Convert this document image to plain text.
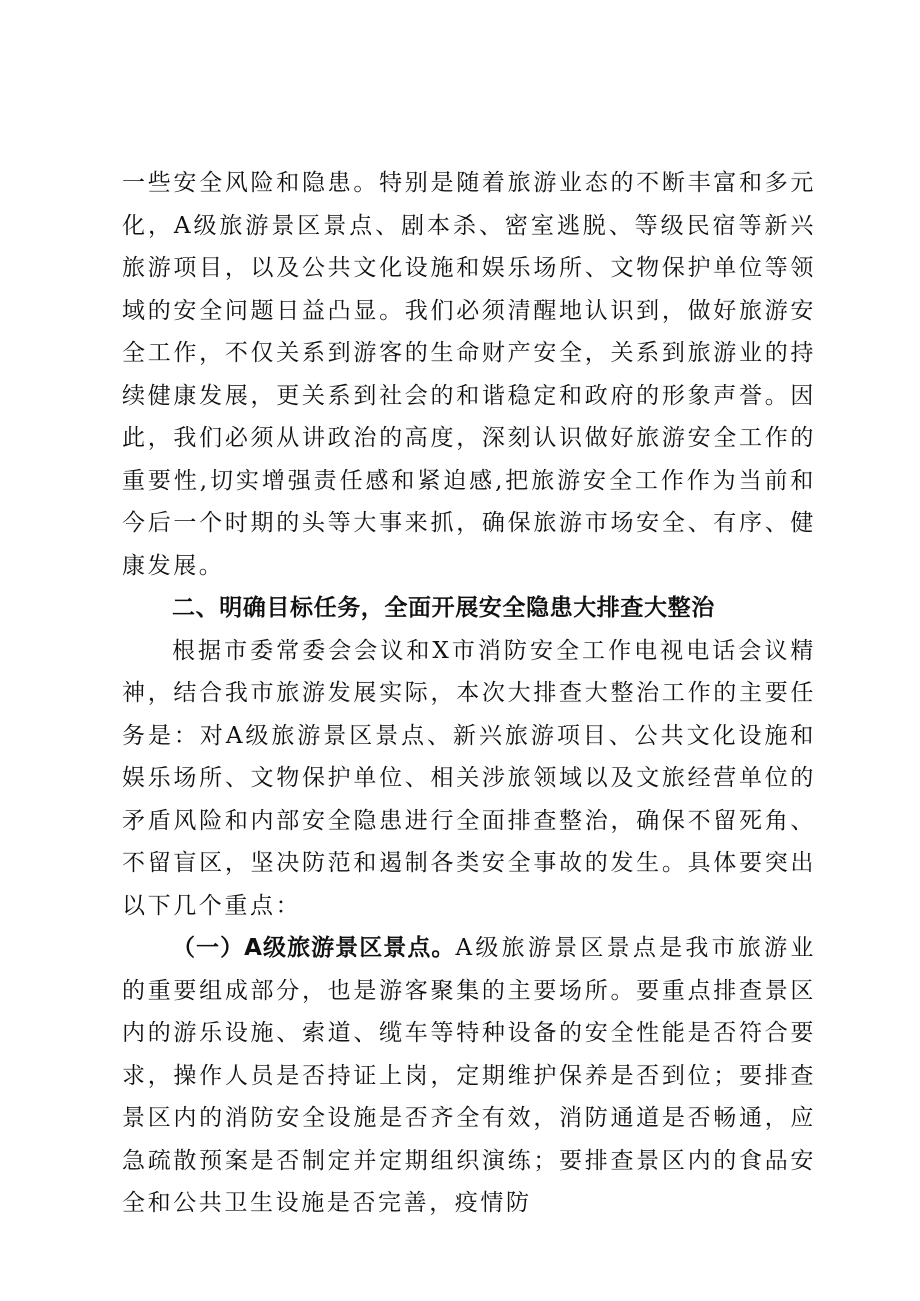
一些安全风险和隐患。特别是随着旅游业态的不断丰富和多元化，A级旅游景区景点、剧本杀、密室逃脱、等级民宿等新兴旅游项目，以及公共文化设施和娱乐场所、文物保护单位等领域的安全问题日益凸显。我们必须清醒地认识到，做好旅游安全工作，不仅关系到游客的生命财产安全，关系到旅游业的持续健康发展，更关系到社会的和谐稳定和政府的形象声誉。因此，我们必须从讲政治的高度，深刻认识做好旅游安全工作的重要性,切实增强责任感和紧迫感,把旅游安全工作作为当前和今后一个时期的头等大事来抓，确保旅游市场安全、有序、健康发展。

二、明确目标任务，全面开展安全隐患大排查大整治

根据市委常委会会议和X市消防安全工作电视电话会议精神，结合我市旅游发展实际，本次大排查大整治工作的主要任务是：对A级旅游景区景点、新兴旅游项目、公共文化设施和娱乐场所、文物保护单位、相关涉旅领域以及文旅经营单位的矛盾风险和内部安全隐患进行全面排查整治，确保不留死角、不留盲区，坚决防范和遏制各类安全事故的发生。具体要突出以下几个重点：

（一）A级旅游景区景点。A级旅游景区景点是我市旅游业的重要组成部分，也是游客聚集的主要场所。要重点排查景区内的游乐设施、索道、缆车等特种设备的安全性能是否符合要求，操作人员是否持证上岗，定期维护保养是否到位；要排查景区内的消防安全设施是否齐全有效，消防通道是否畅通，应急疏散预案是否制定并定期组织演练；要排查景区内的食品安全和公共卫生设施是否完善，疫情防
